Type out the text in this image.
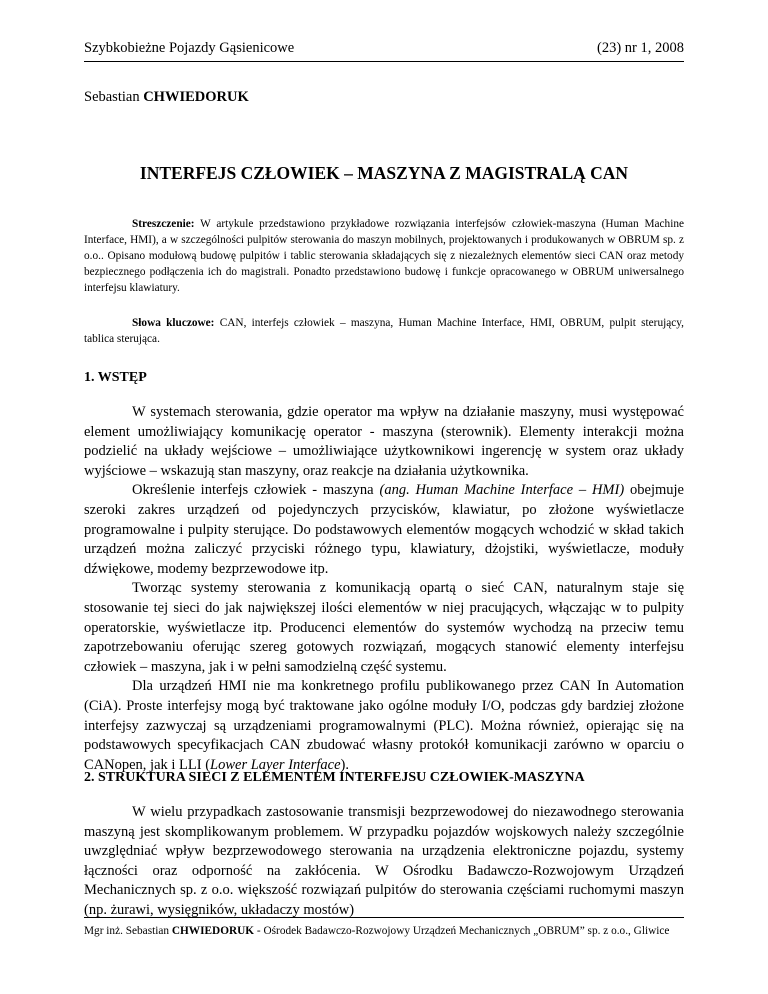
Szybkobieżne Pojazdy Gąsienicowe	(23) nr 1, 2008
Sebastian CHWIEDORUK
INTERFEJS CZŁOWIEK – MASZYNA Z MAGISTRALĄ CAN
Streszczenie: W artykule przedstawiono przykładowe rozwiązania interfejsów człowiek-maszyna (Human Machine Interface, HMI), a w szczególności pulpitów sterowania do maszyn mobilnych, projektowanych i produkowanych w OBRUM sp. z o.o.. Opisano modułową budowę pulpitów i tablic sterowania składających się z niezależnych elementów sieci CAN oraz metody bezpiecznego podłączenia ich do magistrali. Ponadto przedstawiono budowę i funkcje opracowanego w OBRUM uniwersalnego interfejsu klawiatury.
Słowa kluczowe: CAN, interfejs człowiek – maszyna, Human Machine Interface, HMI, OBRUM, pulpit sterujący, tablica sterująca.
1. WSTĘP

W systemach sterowania, gdzie operator ma wpływ na działanie maszyny, musi występować element umożliwiający komunikację operator - maszyna (sterownik). Elementy interakcji można podzielić na układy wejściowe – umożliwiające użytkownikowi ingerencję w system oraz układy wyjściowe – wskazują stan maszyny, oraz reakcje na działania użytkownika.

Określenie interfejs człowiek - maszyna (ang. Human Machine Interface – HMI) obejmuje szeroki zakres urządzeń od pojedynczych przycisków, klawiatur, po złożone wyświetlacze programowalne i pulpity sterujące. Do podstawowych elementów mogących wchodzić w skład takich urządzeń można zaliczyć przyciski różnego typu, klawiatury, dżojstiki, wyświetlacze, moduły dźwiękowe, modemy bezprzewodowe itp.

Tworząc systemy sterowania z komunikacją opartą o sieć CAN, naturalnym staje się stosowanie tej sieci do jak największej ilości elementów w niej pracujących, włączając w to pulpity operatorskie, wyświetlacze itp. Producenci elementów do systemów wychodzą na przeciw temu zapotrzebowaniu oferując szereg gotowych rozwiązań, mogących stanowić elementy interfejsu człowiek – maszyna, jak i w pełni samodzielną część systemu.

Dla urządzeń HMI nie ma konkretnego profilu publikowanego przez CAN In Automation (CiA). Proste interfejsy mogą być traktowane jako ogólne moduły I/O, podczas gdy bardziej złożone interfejsy zazwyczaj są urządzeniami programowalnymi (PLC). Można również, opierając się na podstawowych specyfikacjach CAN zbudować własny protokół komunikacji zarówno w oparciu o CANopen, jak i LLI (Lower Layer Interface).

2. STRUKTURA SIECI Z ELEMENTEM INTERFEJSU CZŁOWIEK-MASZYNA

W wielu przypadkach zastosowanie transmisji bezprzewodowej do niezawodnego sterowania maszyną jest skomplikowanym problemem. W przypadku pojazdów wojskowych należy szczególnie uwzględniać wpływ bezprzewodowego sterowania na urządzenia elektroniczne pojazdu, systemy łączności oraz odporność na zakłócenia. W Ośrodku Badawczo-Rozwojowym Urządzeń Mechanicznych sp. z o.o. większość rozwiązań pulpitów do sterowania częściami ruchomymi maszyn (np. żurawi, wysięgników, układaczy mostów)

Mgr inż. Sebastian CHWIEDORUK - Ośrodek Badawczo-Rozwojowy Urządzeń Mechanicznych „OBRUM” sp. z o.o., Gliwice
